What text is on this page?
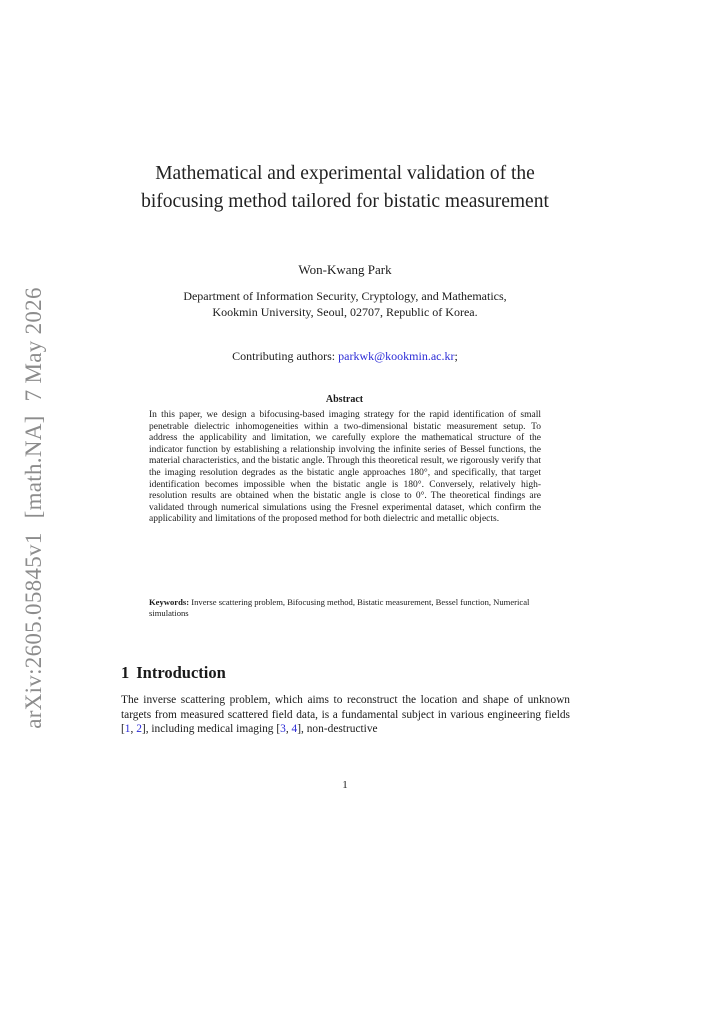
arXiv:2605.05845v1[math.NA]7 May 2026
Mathematical and experimental validation of the bifocusing method tailored for bistatic measurement
Won-Kwang Park
Department of Information Security, Cryptology, and Mathematics,
Kookmin University, Seoul, 02707, Republic of Korea.
Contributing authors: parkwk@kookmin.ac.kr;
Abstract
In this paper, we design a bifocusing-based imaging strategy for the rapid identification of small penetrable dielectric inhomogeneities within a two-dimensional bistatic measurement setup. To address the applicability and limitation, we carefully explore the mathematical structure of the indicator function by establishing a relationship involving the infinite series of Bessel functions, the material characteristics, and the bistatic angle. Through this theoretical result, we rigorously verify that the imaging resolution degrades as the bistatic angle approaches 180°, and specifically, that target identification becomes impossible when the bistatic angle is 180°. Conversely, relatively high-resolution results are obtained when the bistatic angle is close to 0°. The theoretical findings are validated through numerical simulations using the Fresnel experimental dataset, which confirm the applicability and limitations of the proposed method for both dielectric and metallic objects.
Keywords: Inverse scattering problem, Bifocusing method, Bistatic measurement, Bessel function, Numerical simulations
1 Introduction
The inverse scattering problem, which aims to reconstruct the location and shape of unknown targets from measured scattered field data, is a fundamental subject in various engineering fields [1, 2], including medical imaging [3, 4], non-destructive
1
